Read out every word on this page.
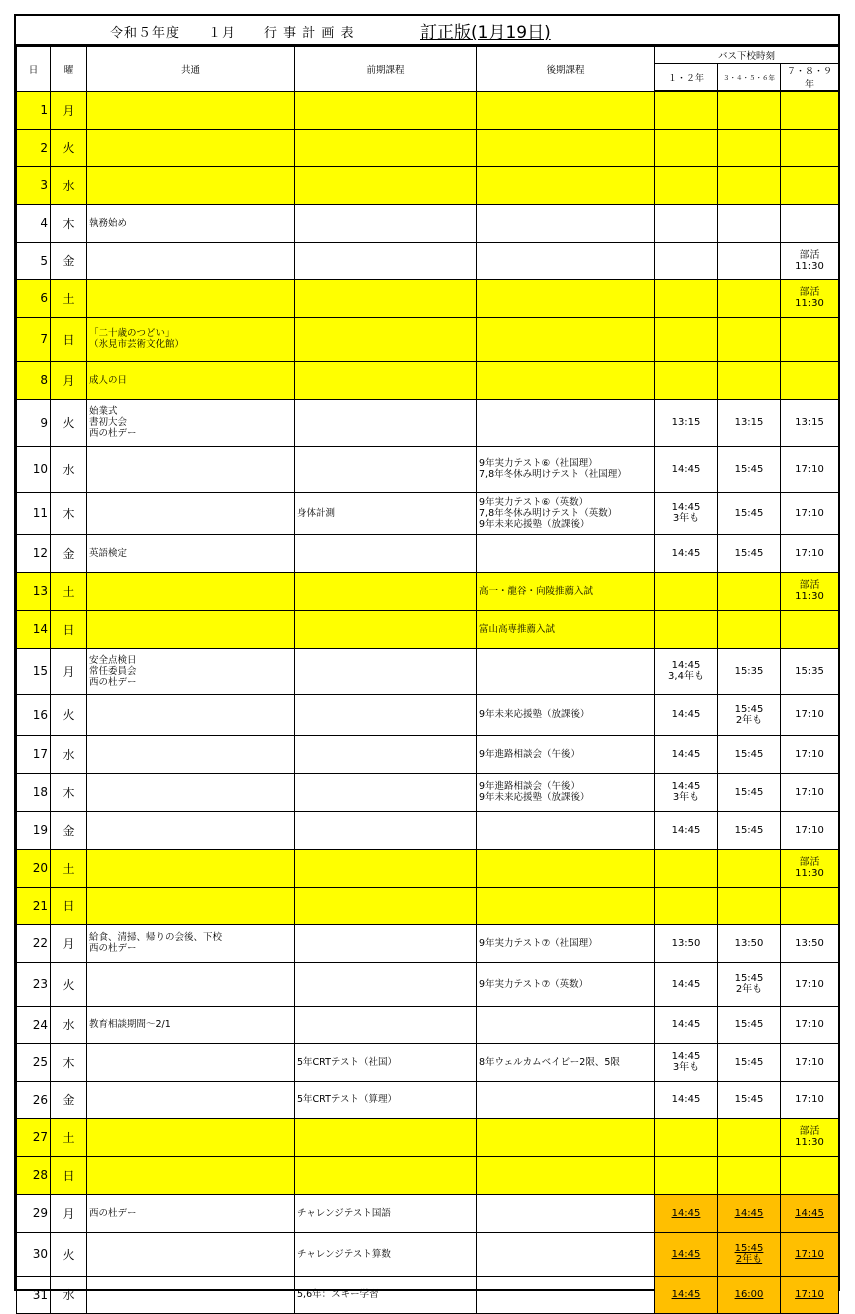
令和５年度　　１月　　行 事 計 画 表	訂正版(1月19日)
日	曜	共通	前期課程	後期課程	バス下校時刻		
					１・２年	３・４・５・６年	７・８・９年
1	月						
2	火						
3	水						
4	木	執務始め					
5	金						部活
11:30
6	土						部活
11:30
7	日	「二十歳のつどい」
（氷見市芸術文化館）					
8	月	成人の日					
9	火	始業式
書初大会
西の杜デー			13:15	13:15	13:15
10	水			9年実力テスト⑥（社国理）
7,8年冬休み明けテスト（社国理）	14:45	15:45	17:10
11	木		身体計測	9年実力テスト⑥（英数）
7,8年冬休み明けテスト（英数）
9年未来応援塾（放課後）	14:45
3年も	15:45	17:10
12	金	英語検定			14:45	15:45	17:10
13	土			高一・龍谷・向陵推薦入試			部活
11:30
14	日			富山高専推薦入試			
15	月	安全点検日
常任委員会
西の杜デー			14:45
3,4年も	15:35	15:35
16	火			9年未来応援塾（放課後）	14:45	15:45
2年も	17:10
17	水			9年進路相談会（午後）	14:45	15:45	17:10
18	木			9年進路相談会（午後）
9年未来応援塾（放課後）	14:45
3年も	15:45	17:10
19	金				14:45	15:45	17:10
20	土						部活
11:30
21	日						
22	月	給食、清掃、帰りの会後、下校
西の杜デー		9年実力テスト⑦（社国理）	13:50	13:50	13:50
23	火			9年実力テスト⑦（英数）	14:45	15:45
2年も	17:10
24	水	教育相談期間～2/1			14:45	15:45	17:10
25	木		5年CRTテスト（社国）	8年ウェルカムベイビー2限、5限	14:45
3年も	15:45	17:10
26	金		5年CRTテスト（算理）		14:45	15:45	17:10
27	土						部活
11:30
28	日						
29	月	西の杜デー	チャレンジテスト国語		14:45	14:45	14:45
30	火		チャレンジテスト算数		14:45	15:45
2年も	17:10
31	水		5,6年：スキー学習		14:45	16:00	17:10
